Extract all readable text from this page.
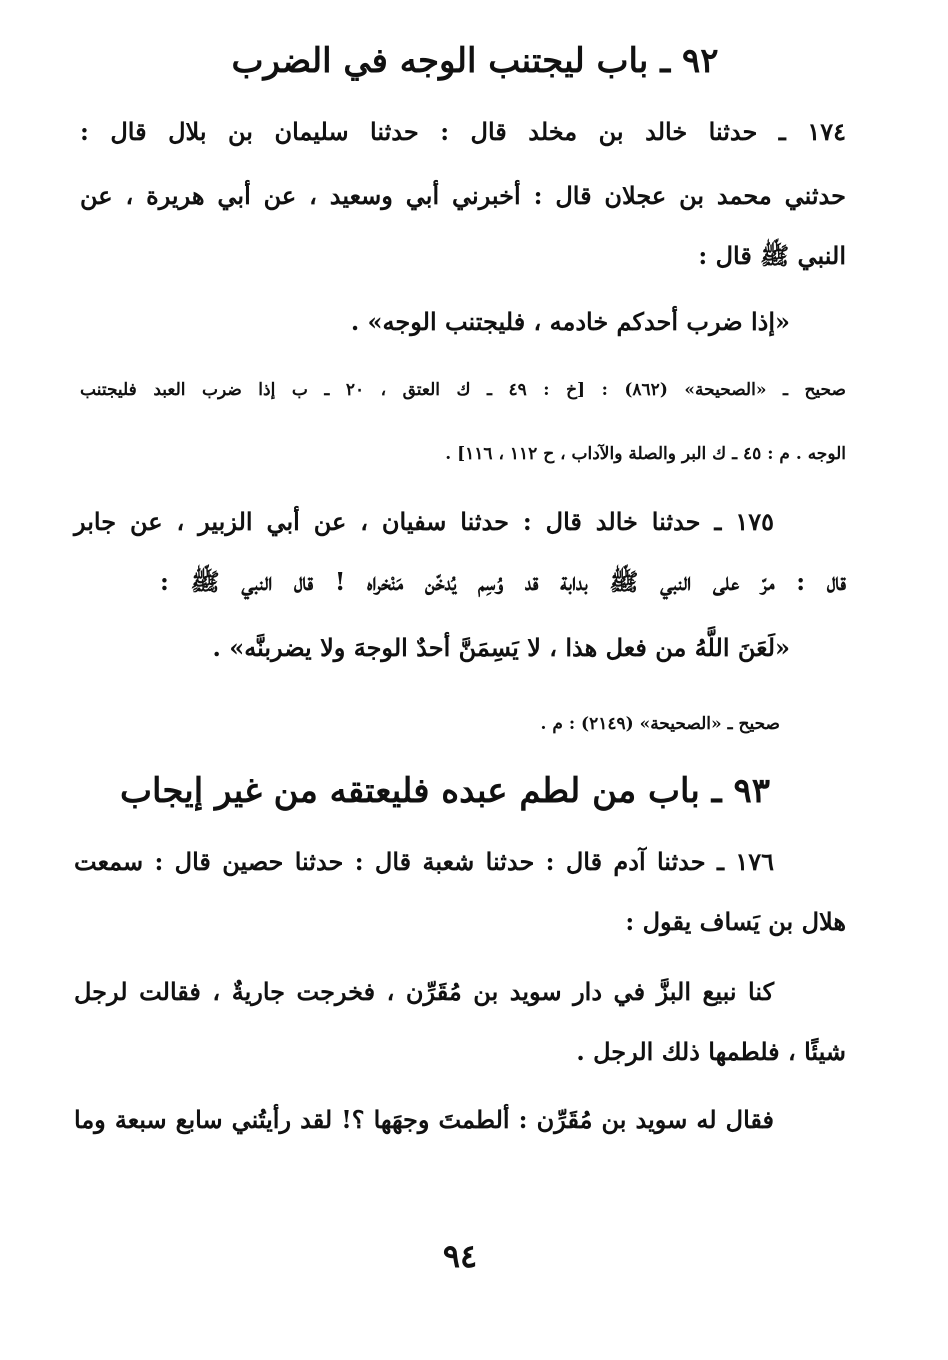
٩٢ ـ باب ليجتنب الوجه في الضرب

١٧٤ ـ حدثنا خالد بن مخلد قال : حدثنا سليمان بن بلال قال :

حدثني محمد بن عجلان قال : أخبرني أبي وسعيد ، عن أبي هريرة ، عن

النبي ﷺ قال :

«إذا ضرب أحدكم خادمه ، فليجتنب الوجه» .

صحيح ـ «الصحيحة» (٨٦٢) : [خ : ٤٩ ـ ك العتق ، ٢٠ ـ ب إذا ضرب العبد فليجتنب

الوجه . م : ٤٥ ـ ك البر والصلة والآداب ، ح ١١٢ ، ١١٦] .

١٧٥ ـ حدثنا خالد قال : حدثنا سفيان ، عن أبي الزبير ، عن جابر

قال : مرّ على النبي ﷺ بدابة قد وُسِم يُدخّن مَنْخراه ! قال النبي ﷺ :

«لَعَنَ اللَّهُ من فعل هذا ، لا يَسِمَنَّ أحدٌ الوجهَ ولا يضربنَّه» .

صحيح ـ «الصحيحة» (٢١٤٩) : م .

٩٣ ـ باب من لطم عبده فليعتقه من غير إيجاب

١٧٦ ـ حدثنا آدم قال : حدثنا شعبة قال : حدثنا حصين قال : سمعت

هلال بن يَساف يقول :

كنا نبيع البزَّ في دار سويد بن مُقَرِّن ، فخرجت جاريةٌ ، فقالت لرجل

شيئًا ، فلطمها ذلك الرجل .

فقال له سويد بن مُقَرِّن : ألطمتَ وجهَها ؟! لقد رأيتُني سابع سبعة وما

٩٤
